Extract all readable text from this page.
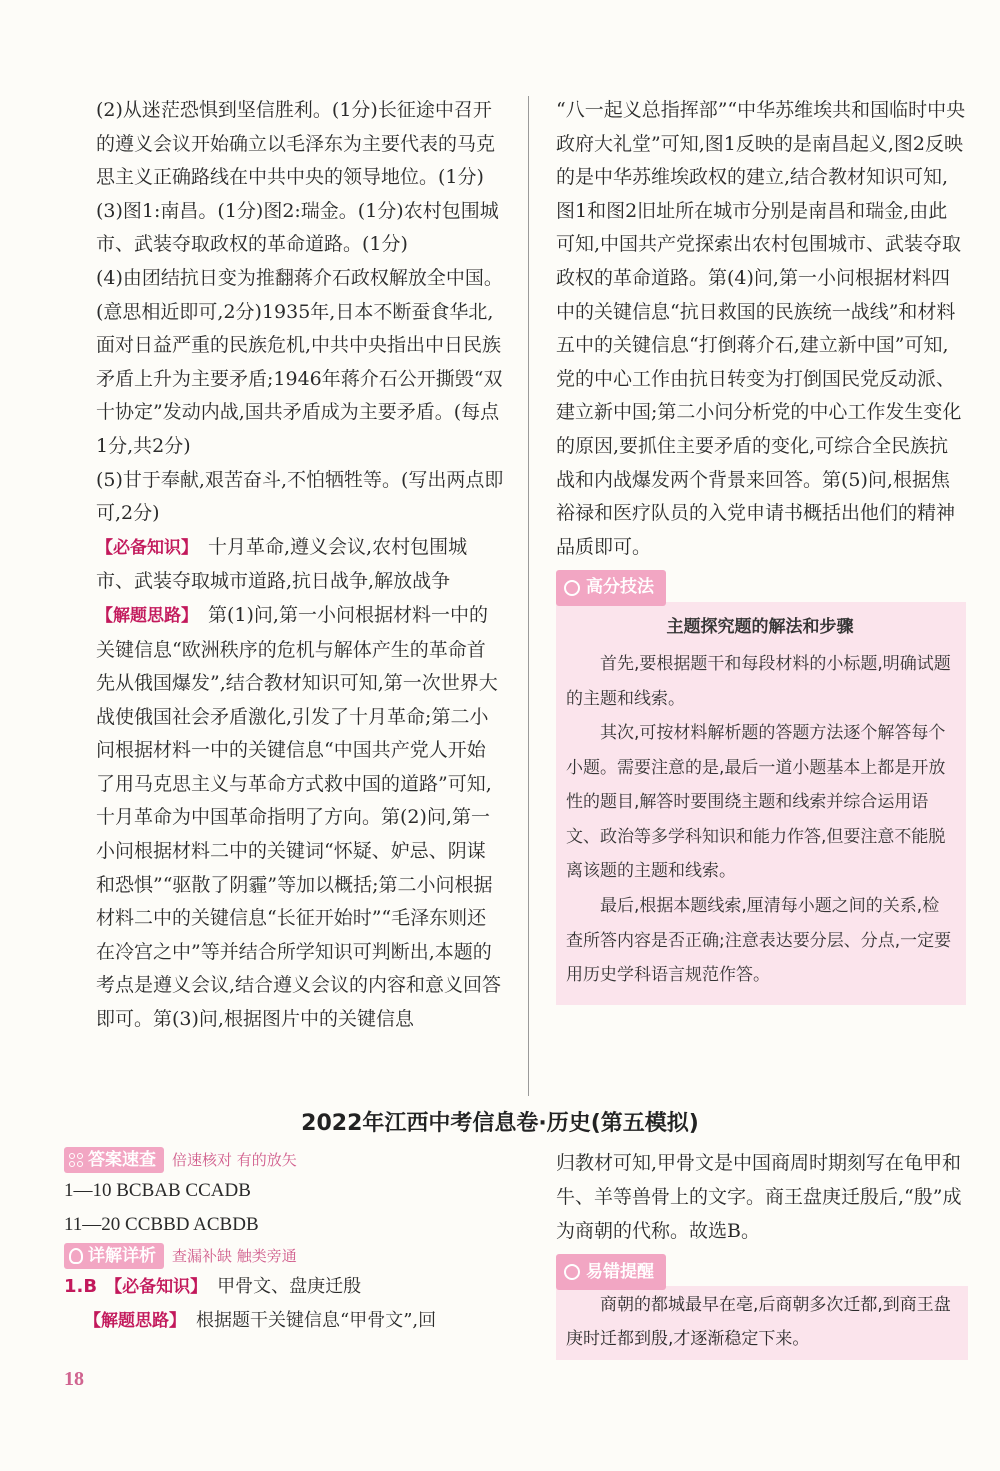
(2)从迷茫恐惧到坚信胜利。(1分)长征途中召开的遵义会议开始确立以毛泽东为主要代表的马克思主义正确路线在中共中央的领导地位。(1分)

(3)图1:南昌。(1分)图2:瑞金。(1分)农村包围城市、武装夺取政权的革命道路。(1分)

(4)由团结抗日变为推翻蒋介石政权解放全中国。(意思相近即可,2分)1935年,日本不断蚕食华北,面对日益严重的民族危机,中共中央指出中日民族矛盾上升为主要矛盾;1946年蒋介石公开撕毁“双十协定”发动内战,国共矛盾成为主要矛盾。(每点1分,共2分)

(5)甘于奉献,艰苦奋斗,不怕牺牲等。(写出两点即可,2分)

【必备知识】 十月革命,遵义会议,农村包围城市、武装夺取城市道路,抗日战争,解放战争

【解题思路】 第(1)问,第一小问根据材料一中的关键信息“欧洲秩序的危机与解体产生的革命首先从俄国爆发”,结合教材知识可知,第一次世界大战使俄国社会矛盾激化,引发了十月革命;第二小问根据材料一中的关键信息“中国共产党人开始了用马克思主义与革命方式救中国的道路”可知,十月革命为中国革命指明了方向。第(2)问,第一小问根据材料二中的关键词“怀疑、妒忌、阴谋和恐惧”“驱散了阴霾”等加以概括;第二小问根据材料二中的关键信息“长征开始时”“毛泽东则还在冷宫之中”等并结合所学知识可判断出,本题的考点是遵义会议,结合遵义会议的内容和意义回答即可。第(3)问,根据图片中的关键信息

“八一起义总指挥部”“中华苏维埃共和国临时中央政府大礼堂”可知,图1反映的是南昌起义,图2反映的是中华苏维埃政权的建立,结合教材知识可知,图1和图2旧址所在城市分别是南昌和瑞金,由此可知,中国共产党探索出农村包围城市、武装夺取政权的革命道路。第(4)问,第一小问根据材料四中的关键信息“抗日救国的民族统一战线”和材料五中的关键信息“打倒蒋介石,建立新中国”可知,党的中心工作由抗日转变为打倒国民党反动派、建立新中国;第二小问分析党的中心工作发生变化的原因,要抓住主要矛盾的变化,可综合全民族抗战和内战爆发两个背景来回答。第(5)问,根据焦裕禄和医疗队员的入党申请书概括出他们的精神品质即可。

高分技法
主题探究题的解法和步骤

首先,要根据题干和每段材料的小标题,明确试题的主题和线索。

其次,可按材料解析题的答题方法逐个解答每个小题。需要注意的是,最后一道小题基本上都是开放性的题目,解答时要围绕主题和线索并综合运用语文、政治等多学科知识和能力作答,但要注意不能脱离该题的主题和线索。

最后,根据本题线索,厘清每小题之间的关系,检查所答内容是否正确;注意表达要分层、分点,一定要用历史学科语言规范作答。

2022年江西中考信息卷·历史(第五模拟)
答案速查 倍速核对 有的放矢

1—10 BCBAB CCADB

11—20 CCBBD ACBDB

详解详析 查漏补缺 触类旁通

1.B 【必备知识】 甲骨文、盘庚迁殷

【解题思路】 根据题干关键信息“甲骨文”,回

归教材可知,甲骨文是中国商周时期刻写在龟甲和牛、羊等兽骨上的文字。商王盘庚迁殷后,“殷”成为商朝的代称。故选B。

易错提醒

商朝的都城最早在亳,后商朝多次迁都,到商王盘庚时迁都到殷,才逐渐稳定下来。

18
